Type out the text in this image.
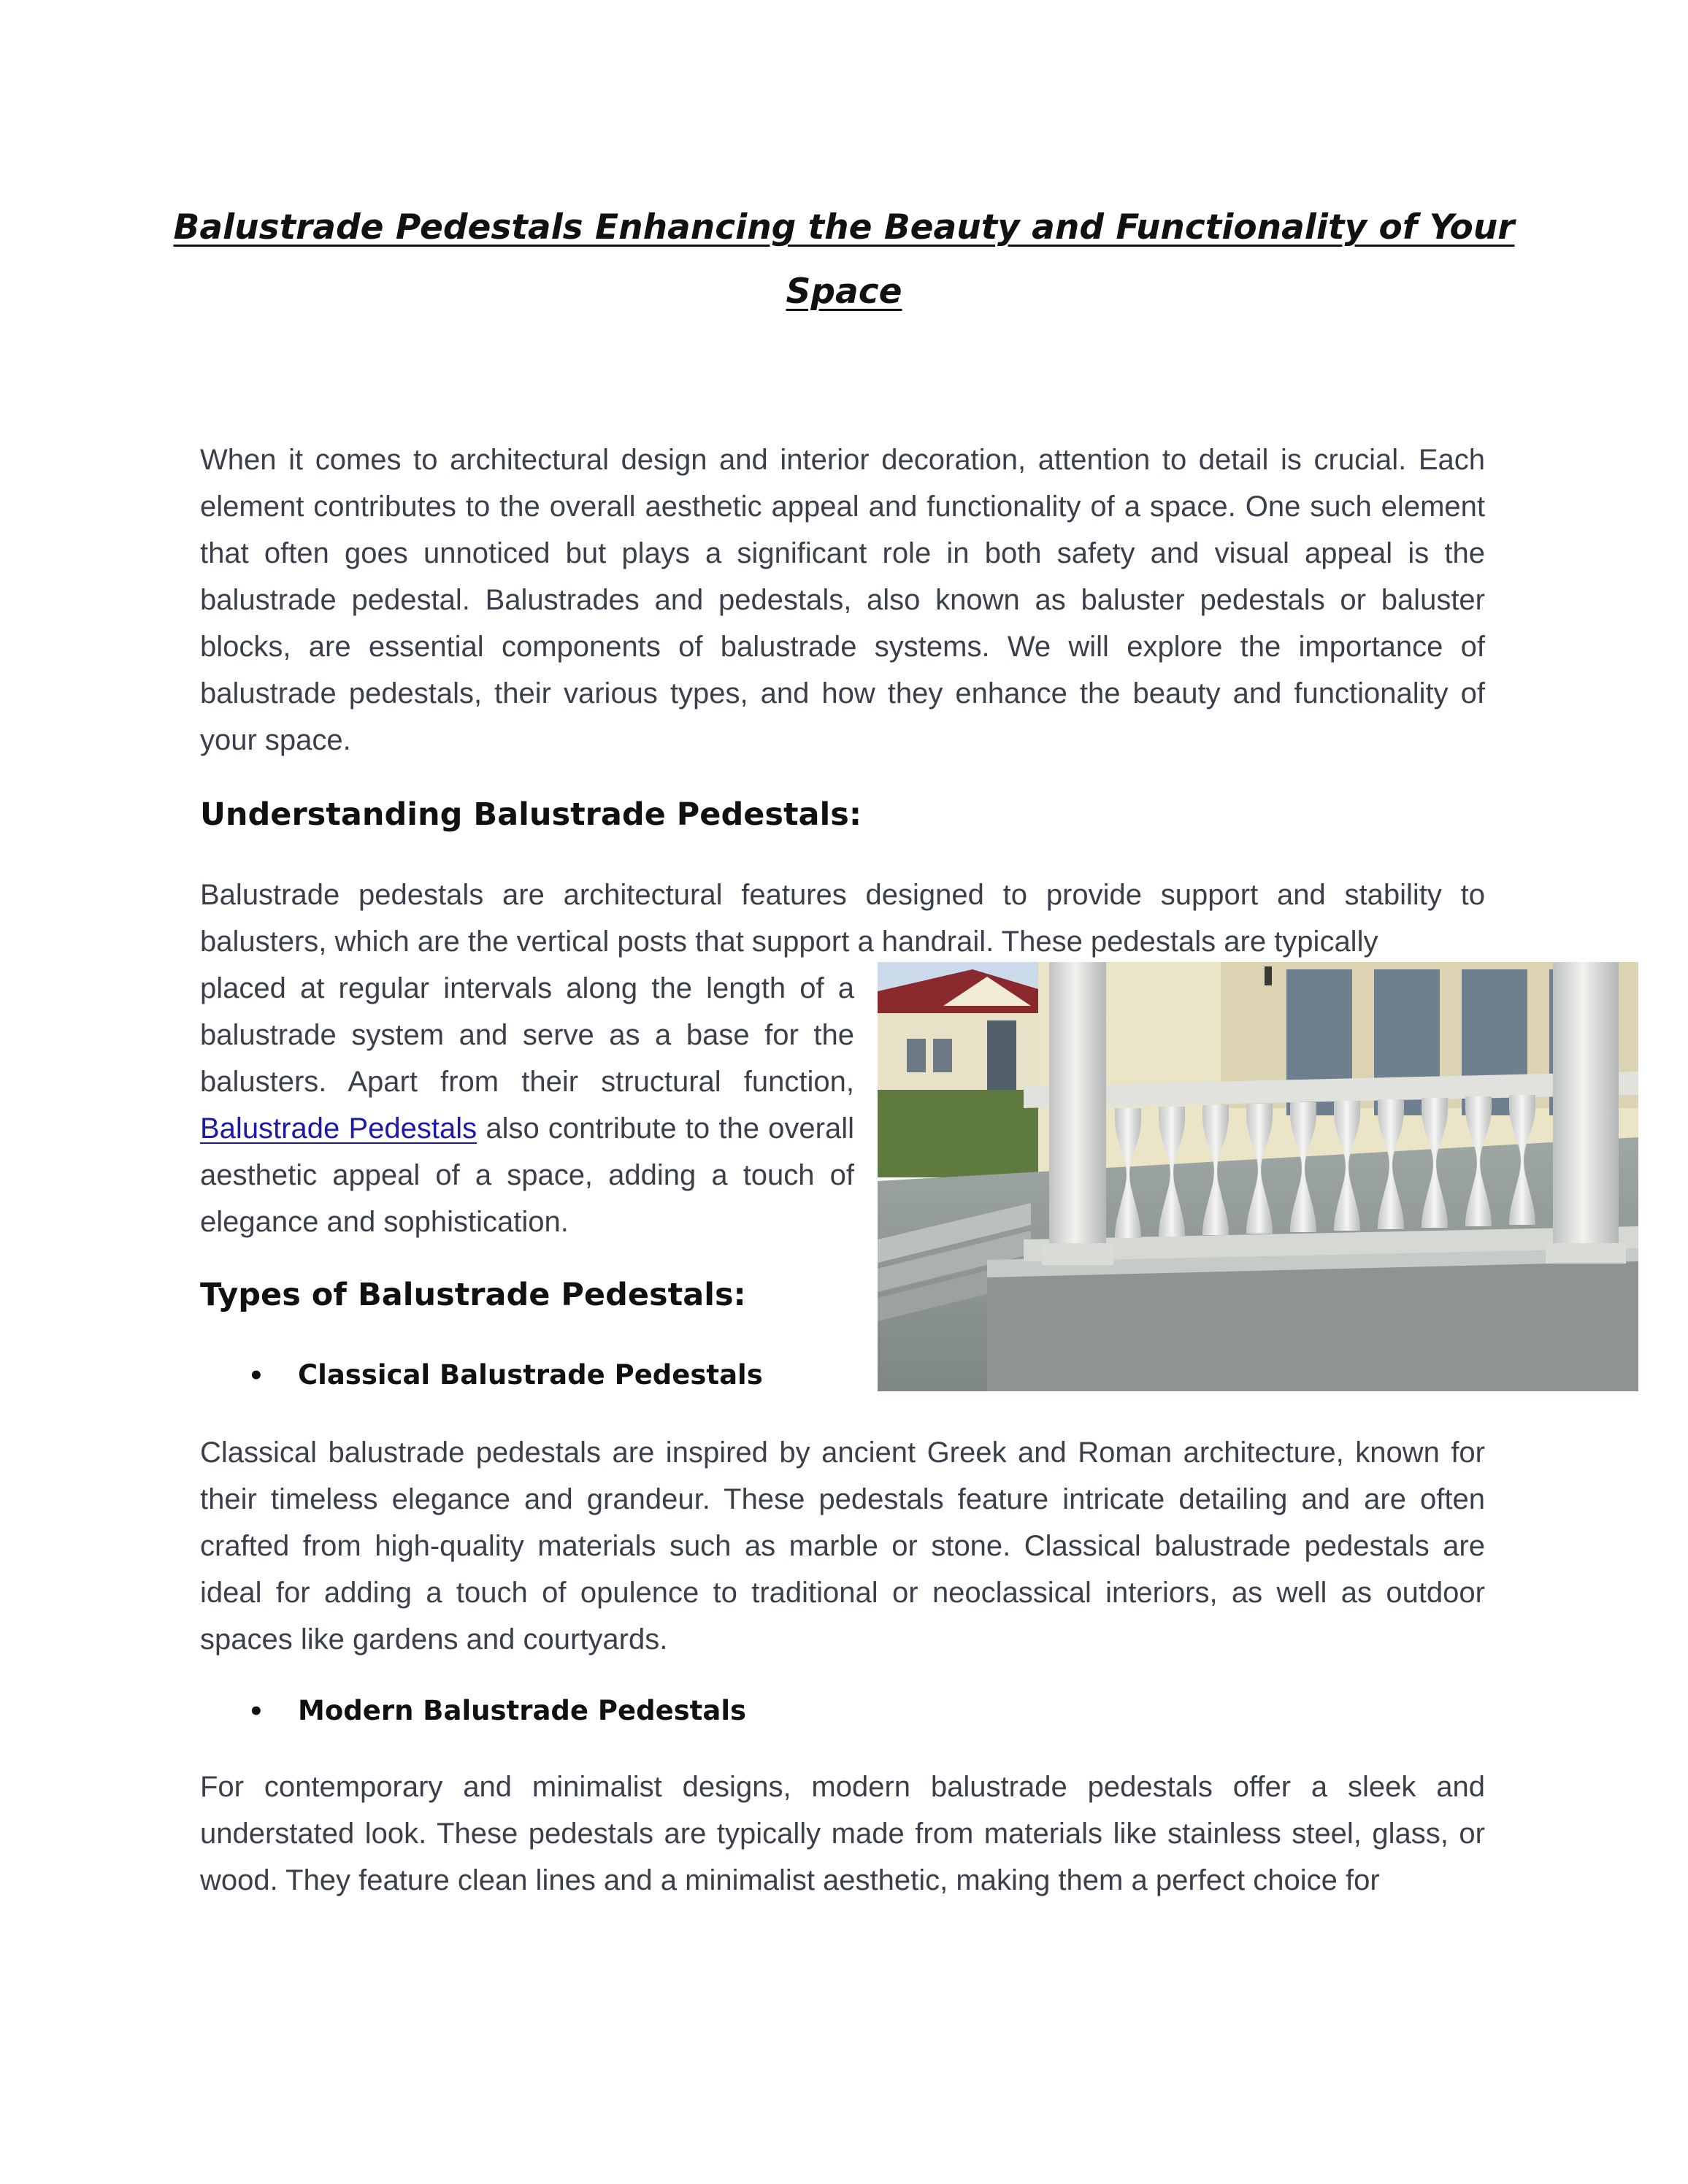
Balustrade Pedestals Enhancing the Beauty and Functionality of Your Space

When it comes to architectural design and interior decoration, attention to detail is crucial. Each element contributes to the overall aesthetic appeal and functionality of a space. One such element that often goes unnoticed but plays a significant role in both safety and visual appeal is the balustrade pedestal. Balustrades and pedestals, also known as baluster pedestals or baluster blocks, are essential components of balustrade systems. We will explore the importance of balustrade pedestals, their various types, and how they enhance the beauty and functionality of your space.

Understanding Balustrade Pedestals:

Balustrade pedestals are architectural features designed to provide support and stability to balusters, which are the vertical posts that support a handrail. These pedestals are typically

placed at regular intervals along the length of a balustrade system and serve as a base for the balusters. Apart from their structural function, Balustrade Pedestals also contribute to the overall aesthetic appeal of a space, adding a touch of elegance and sophistication.

Types of Balustrade Pedestals:

• Classical Balustrade Pedestals

Classical balustrade pedestals are inspired by ancient Greek and Roman architecture, known for their timeless elegance and grandeur. These pedestals feature intricate detailing and are often crafted from high-quality materials such as marble or stone. Classical balustrade pedestals are ideal for adding a touch of opulence to traditional or neoclassical interiors, as well as outdoor spaces like gardens and courtyards.

• Modern Balustrade Pedestals

For contemporary and minimalist designs, modern balustrade pedestals offer a sleek and understated look. These pedestals are typically made from materials like stainless steel, glass, or wood. They feature clean lines and a minimalist aesthetic, making them a perfect choice for
